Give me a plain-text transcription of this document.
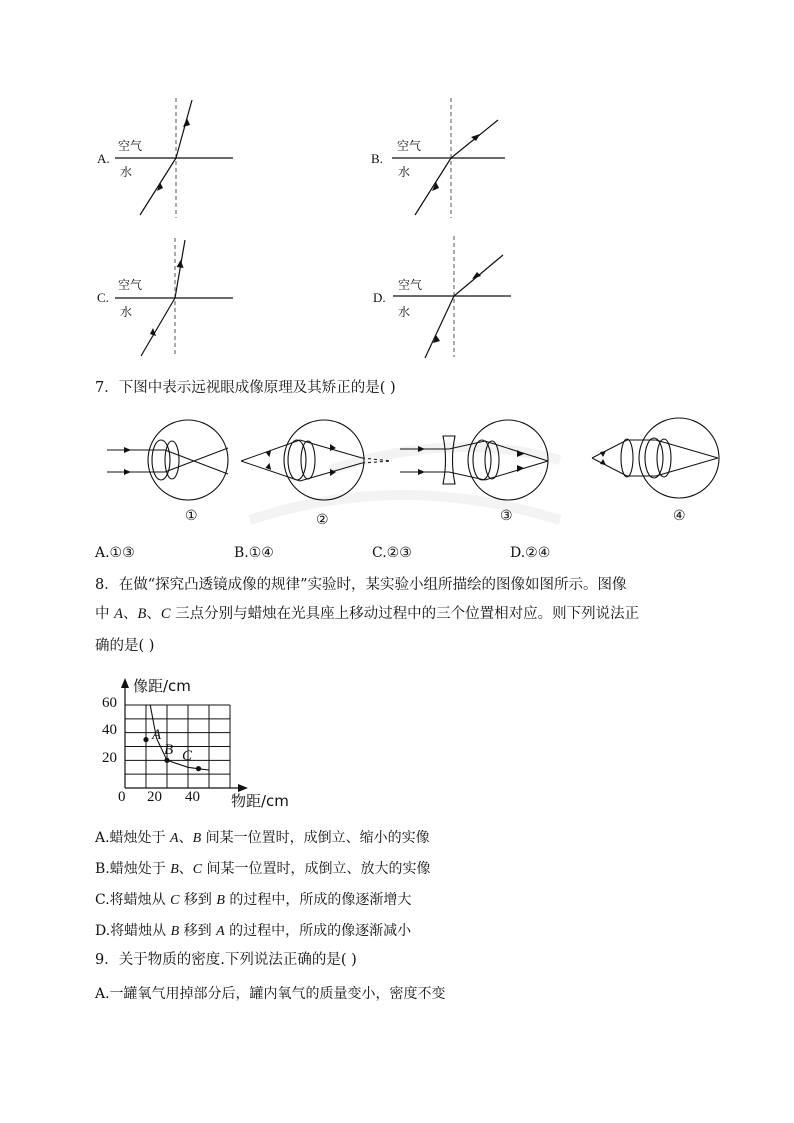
A.
空气
水
B.
空气
水
C.
空气
水
D.
空气
水
7．下图中表示远视眼成像原理及其矫正的是( )
①	②	③	④
A.①③	B.①④	C.②③	D.②④
8．在做“探究凸透镜成像的规律”实验时，某实验小组所描绘的图像如图所示。图像
中 A、B、C 三点分别与蜡烛在光具座上移动过程中的三个位置相对应。则下列说法正
确的是( )
像距/cm
物距/cm
60
40
20
0 20 40
A
B C
A.蜡烛处于 A、B 间某一位置时，成倒立、缩小的实像
B.蜡烛处于 B、C 间某一位置时，成倒立、放大的实像
C.将蜡烛从 C 移到 B 的过程中，所成的像逐渐增大
D.将蜡烛从 B 移到 A 的过程中，所成的像逐渐减小
9．关于物质的密度.下列说法正确的是( )
A.一罐氧气用掉部分后，罐内氧气的质量变小，密度不变
